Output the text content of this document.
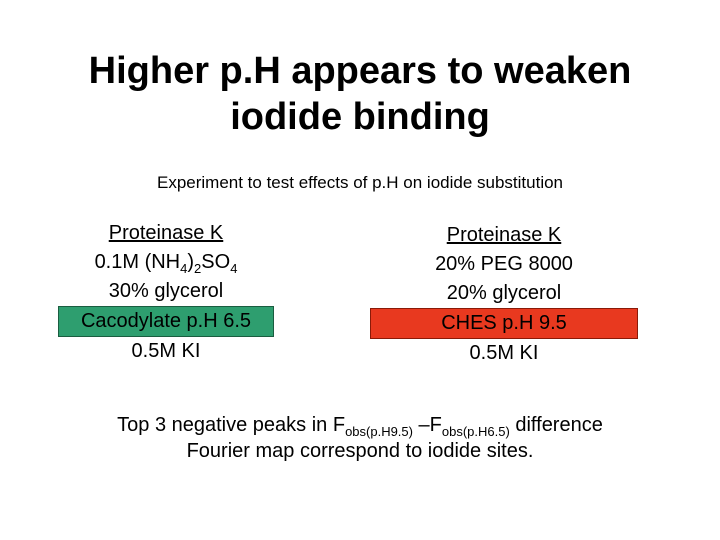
Higher p.H appears to weaken
iodide binding
Experiment to test effects of p.H on iodide substitution
Proteinase K
0.1M $(NH_4)_2SO_4$
30% glycerol
Cacodylate p.H 6.5
0.5M KI
Proteinase K
20% PEG 8000
20% glycerol
CHES p.H 9.5
0.5M KI
Top 3 negative peaks in $F_{obs(p.H9.5)}$ $-F_{obs(p.H6.5)}$ difference
Fourier map correspond to iodide sites.
